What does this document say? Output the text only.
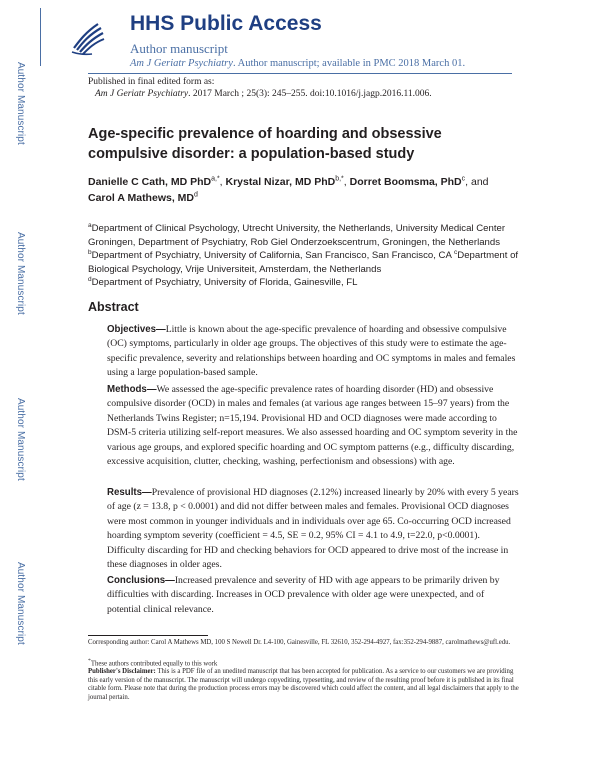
Author Manuscript
Author Manuscript
Author Manuscript
Author Manuscript
HHS Public Access
Author manuscript
Am J Geriatr Psychiatry. Author manuscript; available in PMC 2018 March 01.
Published in final edited form as:
Am J Geriatr Psychiatry. 2017 March ; 25(3): 245–255. doi:10.1016/j.jagp.2016.11.006.
Age-specific prevalence of hoarding and obsessive compulsive disorder: a population-based study
Danielle C Cath, MD PhD$^{a,*}$, Krystal Nizar, MD PhD$^{b,*}$, Dorret Boomsma, PhD$^c$, and Carol A Mathews, $MD^d$
$^a$Department of Clinical Psychology, Utrecht University, the Netherlands, University Medical Center Groningen, Department of Psychiatry, Rob Giel Onderzoekscentrum, Groningen, the Netherlands $^b$Department of Psychiatry, University of California, San Francisco, San Francisco, CA $^c$Department of Biological Psychology, Vrije Universiteit, Amsterdam, the Netherlands
$^d$Department of Psychiatry, University of Florida, Gainesville, FL
Abstract
Objectives—Little is known about the age-specific prevalence of hoarding and obsessive compulsive (OC) symptoms, particularly in older age groups. The objectives of this study were to estimate the age-specific prevalence, severity and relationships between hoarding and OC symptoms in males and females using a large population-based sample.
Methods—We assessed the age-specific prevalence rates of hoarding disorder (HD) and obsessive compulsive disorder (OCD) in males and females (at various age ranges between 15–97 years) from the Netherlands Twins Register; n=15,194. Provisional HD and OCD diagnoses were made according to DSM-5 criteria utilizing self-report measures. We also assessed hoarding and OC symptom severity in the various age groups, and explored specific hoarding and OC symptom patterns (e.g., difficulty discarding, excessive acquisition, clutter, checking, washing, perfectionism and obsessions) with age.
Results—Prevalence of provisional HD diagnoses (2.12%) increased linearly by 20% with every 5 years of age (z = 13.8, p < 0.0001) and did not differ between males and females. Provisional OCD diagnoses were most common in younger individuals and in individuals over age 65. Co-occurring OCD increased hoarding symptom severity (coefficient = 4.5, SE = 0.2, 95% CI = 4.1 to 4.9, t=22.0, p<0.0001). Difficulty discarding for HD and checking behaviors for OCD appeared to drive most of the increase in these diagnoses in older ages.
Conclusions—Increased prevalence and severity of HD with age appears to be primarily driven by difficulties with discarding. Increases in OCD prevalence with older age were unexpected, and of potential clinical relevance.
Corresponding author: Carol A Mathews MD, 100 S Newell Dr. L4-100, Gainesville, FL 32610, 352-294-4927, fax:352-294-9887, carolmathews@ufl.edu.
*These authors contributed equally to this work
Publisher's Disclaimer: This is a PDF file of an unedited manuscript that has been accepted for publication. As a service to our customers we are providing this early version of the manuscript. The manuscript will undergo copyediting, typesetting, and review of the resulting proof before it is published in its final citable form. Please note that during the production process errors may be discovered which could affect the content, and all legal disclaimers that apply to the journal pertain.
